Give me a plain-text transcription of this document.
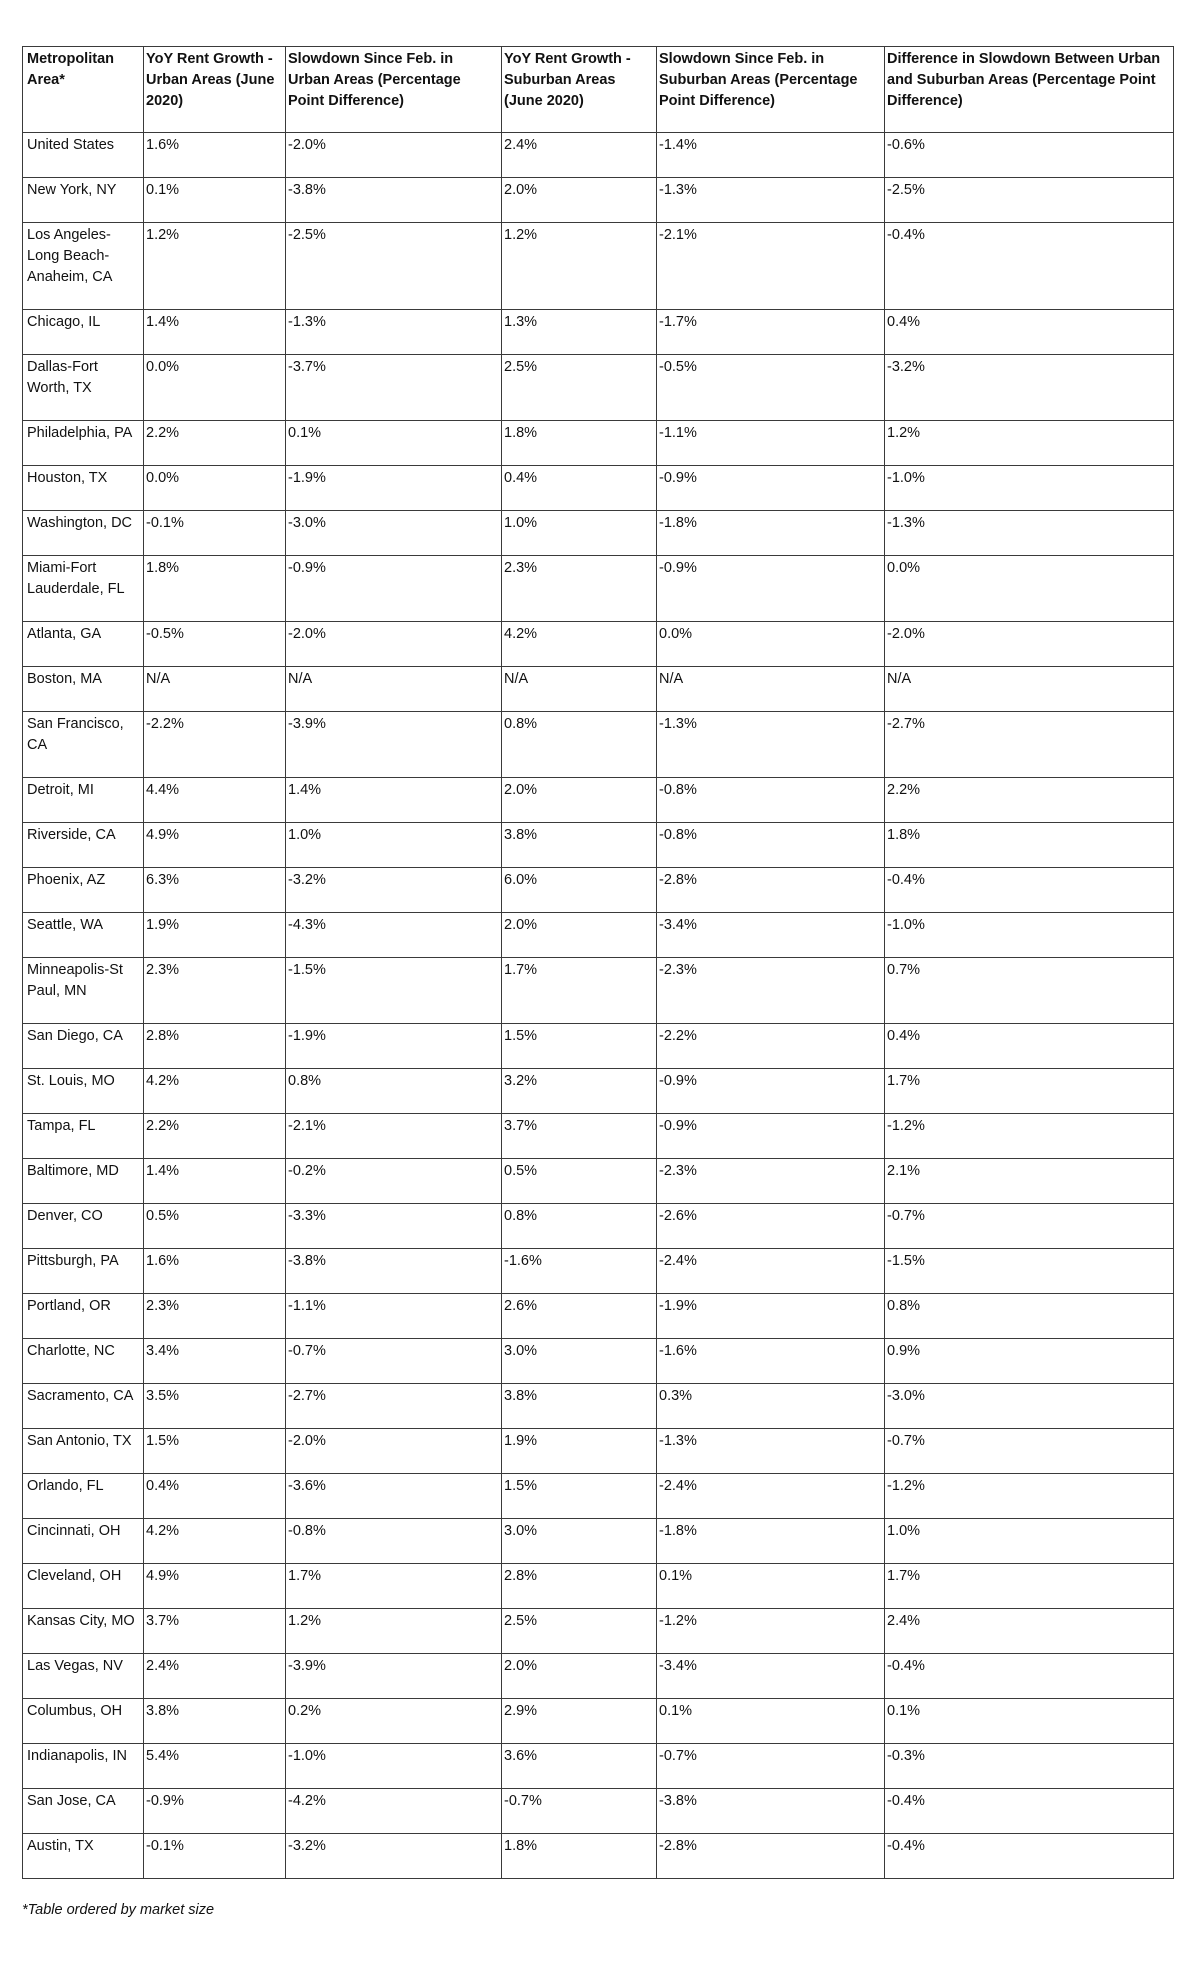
Metropolitan Area*	YoY Rent Growth - Urban Areas (June 2020)	Slowdown Since Feb. in Urban Areas (Percentage Point Difference)	YoY Rent Growth - Suburban Areas (June 2020)	Slowdown Since Feb. in Suburban Areas (Percentage Point Difference)	Difference in Slowdown Between Urban and Suburban Areas (Percentage Point Difference)
United States	1.6%	-2.0%	2.4%	-1.4%	-0.6%
New York, NY	0.1%	-3.8%	2.0%	-1.3%	-2.5%
Los Angeles-Long Beach-Anaheim, CA	1.2%	-2.5%	1.2%	-2.1%	-0.4%
Chicago, IL	1.4%	-1.3%	1.3%	-1.7%	0.4%
Dallas-Fort Worth, TX	0.0%	-3.7%	2.5%	-0.5%	-3.2%
Philadelphia, PA	2.2%	0.1%	1.8%	-1.1%	1.2%
Houston, TX	0.0%	-1.9%	0.4%	-0.9%	-1.0%
Washington, DC	-0.1%	-3.0%	1.0%	-1.8%	-1.3%
Miami-Fort Lauderdale, FL	1.8%	-0.9%	2.3%	-0.9%	0.0%
Atlanta, GA	-0.5%	-2.0%	4.2%	0.0%	-2.0%
Boston, MA	N/A	N/A	N/A	N/A	N/A
San Francisco, CA	-2.2%	-3.9%	0.8%	-1.3%	-2.7%
Detroit, MI	4.4%	1.4%	2.0%	-0.8%	2.2%
Riverside, CA	4.9%	1.0%	3.8%	-0.8%	1.8%
Phoenix, AZ	6.3%	-3.2%	6.0%	-2.8%	-0.4%
Seattle, WA	1.9%	-4.3%	2.0%	-3.4%	-1.0%
Minneapolis-St Paul, MN	2.3%	-1.5%	1.7%	-2.3%	0.7%
San Diego, CA	2.8%	-1.9%	1.5%	-2.2%	0.4%
St. Louis, MO	4.2%	0.8%	3.2%	-0.9%	1.7%
Tampa, FL	2.2%	-2.1%	3.7%	-0.9%	-1.2%
Baltimore, MD	1.4%	-0.2%	0.5%	-2.3%	2.1%
Denver, CO	0.5%	-3.3%	0.8%	-2.6%	-0.7%
Pittsburgh, PA	1.6%	-3.8%	-1.6%	-2.4%	-1.5%
Portland, OR	2.3%	-1.1%	2.6%	-1.9%	0.8%
Charlotte, NC	3.4%	-0.7%	3.0%	-1.6%	0.9%
Sacramento, CA	3.5%	-2.7%	3.8%	0.3%	-3.0%
San Antonio, TX	1.5%	-2.0%	1.9%	-1.3%	-0.7%
Orlando, FL	0.4%	-3.6%	1.5%	-2.4%	-1.2%
Cincinnati, OH	4.2%	-0.8%	3.0%	-1.8%	1.0%
Cleveland, OH	4.9%	1.7%	2.8%	0.1%	1.7%
Kansas City, MO	3.7%	1.2%	2.5%	-1.2%	2.4%
Las Vegas, NV	2.4%	-3.9%	2.0%	-3.4%	-0.4%
Columbus, OH	3.8%	0.2%	2.9%	0.1%	0.1%
Indianapolis, IN	5.4%	-1.0%	3.6%	-0.7%	-0.3%
San Jose, CA	-0.9%	-4.2%	-0.7%	-3.8%	-0.4%
Austin, TX	-0.1%	-3.2%	1.8%	-2.8%	-0.4%
*Table ordered by market size
